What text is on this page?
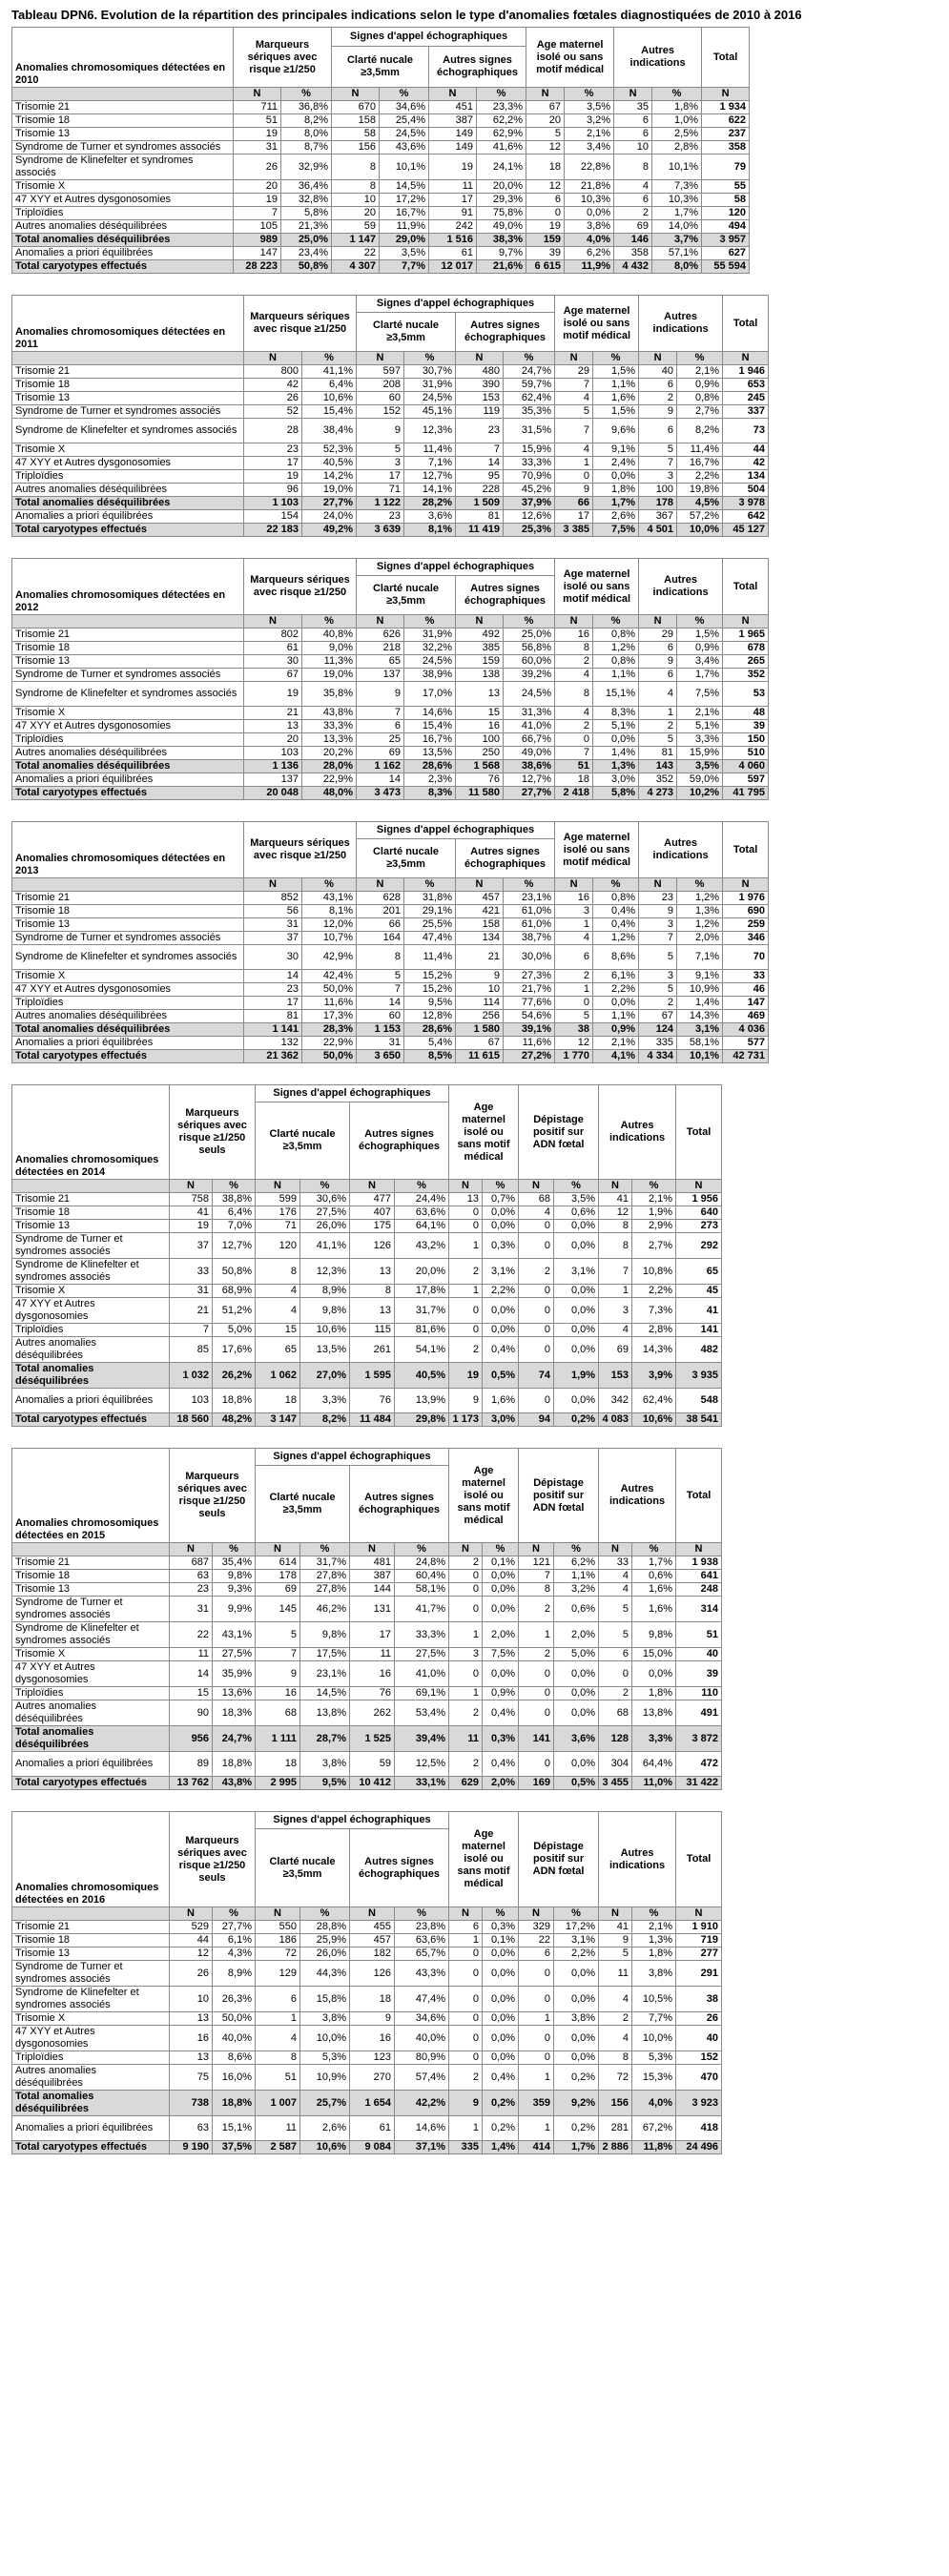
Tableau DPN6. Evolution de la répartition des principales indications selon le type d'anomalies fœtales diagnostiquées de 2010 à 2016
Anomalies chromosomiques détectées en 2010	Marqueurs sériques avec risque ≥1/250		Signes d'appel échographiques				Age maternel isolé ou sans motif médical		Autres indications		Total
			Clarté nucale ≥3,5mm		Autres signes échographiques						
	N	%	N	%	N	%	N	%	N	%	N
Trisomie 21	711	36,8%	670	34,6%	451	23,3%	67	3,5%	35	1,8%	1 934
Trisomie 18	51	8,2%	158	25,4%	387	62,2%	20	3,2%	6	1,0%	622
Trisomie 13	19	8,0%	58	24,5%	149	62,9%	5	2,1%	6	2,5%	237
Syndrome de Turner et syndromes associés	31	8,7%	156	43,6%	149	41,6%	12	3,4%	10	2,8%	358
Syndrome de Klinefelter et syndromes associés	26	32,9%	8	10,1%	19	24,1%	18	22,8%	8	10,1%	79
Trisomie X	20	36,4%	8	14,5%	11	20,0%	12	21,8%	4	7,3%	55
47 XYY et Autres dysgonosomies	19	32,8%	10	17,2%	17	29,3%	6	10,3%	6	10,3%	58
Triploïdies	7	5,8%	20	16,7%	91	75,8%	0	0,0%	2	1,7%	120
Autres anomalies déséquilibrées	105	21,3%	59	11,9%	242	49,0%	19	3,8%	69	14,0%	494
Total anomalies déséquilibrées	989	25,0%	1 147	29,0%	1 516	38,3%	159	4,0%	146	3,7%	3 957
Anomalies a priori équilibrées	147	23,4%	22	3,5%	61	9,7%	39	6,2%	358	57,1%	627
Total caryotypes effectués	28 223	50,8%	4 307	7,7%	12 017	21,6%	6 615	11,9%	4 432	8,0%	55 594
Anomalies chromosomiques détectées en 2011	Marqueurs sériques avec risque ≥1/250		Signes d'appel échographiques				Age maternel isolé ou sans motif médical		Autres indications		Total
			Clarté nucale ≥3,5mm		Autres signes échographiques						
	N	%	N	%	N	%	N	%	N	%	N
Trisomie 21	800	41,1%	597	30,7%	480	24,7%	29	1,5%	40	2,1%	1 946
Trisomie 18	42	6,4%	208	31,9%	390	59,7%	7	1,1%	6	0,9%	653
Trisomie 13	26	10,6%	60	24,5%	153	62,4%	4	1,6%	2	0,8%	245
Syndrome de Turner et syndromes associés	52	15,4%	152	45,1%	119	35,3%	5	1,5%	9	2,7%	337
Syndrome de Klinefelter et syndromes associés	28	38,4%	9	12,3%	23	31,5%	7	9,6%	6	8,2%	73
Trisomie X	23	52,3%	5	11,4%	7	15,9%	4	9,1%	5	11,4%	44
47 XYY et Autres dysgonosomies	17	40,5%	3	7,1%	14	33,3%	1	2,4%	7	16,7%	42
Triploïdies	19	14,2%	17	12,7%	95	70,9%	0	0,0%	3	2,2%	134
Autres anomalies déséquilibrées	96	19,0%	71	14,1%	228	45,2%	9	1,8%	100	19,8%	504
Total anomalies déséquilibrées	1 103	27,7%	1 122	28,2%	1 509	37,9%	66	1,7%	178	4,5%	3 978
Anomalies a priori équilibrées	154	24,0%	23	3,6%	81	12,6%	17	2,6%	367	57,2%	642
Total caryotypes effectués	22 183	49,2%	3 639	8,1%	11 419	25,3%	3 385	7,5%	4 501	10,0%	45 127
Anomalies chromosomiques détectées en 2012	Marqueurs sériques avec risque ≥1/250		Signes d'appel échographiques				Age maternel isolé ou sans motif médical		Autres indications		Total
			Clarté nucale ≥3,5mm		Autres signes échographiques						
	N	%	N	%	N	%	N	%	N	%	N
Trisomie 21	802	40,8%	626	31,9%	492	25,0%	16	0,8%	29	1,5%	1 965
Trisomie 18	61	9,0%	218	32,2%	385	56,8%	8	1,2%	6	0,9%	678
Trisomie 13	30	11,3%	65	24,5%	159	60,0%	2	0,8%	9	3,4%	265
Syndrome de Turner et syndromes associés	67	19,0%	137	38,9%	138	39,2%	4	1,1%	6	1,7%	352
Syndrome de Klinefelter et syndromes associés	19	35,8%	9	17,0%	13	24,5%	8	15,1%	4	7,5%	53
Trisomie X	21	43,8%	7	14,6%	15	31,3%	4	8,3%	1	2,1%	48
47 XYY et Autres dysgonosomies	13	33,3%	6	15,4%	16	41,0%	2	5,1%	2	5,1%	39
Triploïdies	20	13,3%	25	16,7%	100	66,7%	0	0,0%	5	3,3%	150
Autres anomalies déséquilibrées	103	20,2%	69	13,5%	250	49,0%	7	1,4%	81	15,9%	510
Total anomalies déséquilibrées	1 136	28,0%	1 162	28,6%	1 568	38,6%	51	1,3%	143	3,5%	4 060
Anomalies a priori équilibrées	137	22,9%	14	2,3%	76	12,7%	18	3,0%	352	59,0%	597
Total caryotypes effectués	20 048	48,0%	3 473	8,3%	11 580	27,7%	2 418	5,8%	4 273	10,2%	41 795
Anomalies chromosomiques détectées en 2013	Marqueurs sériques avec risque ≥1/250		Signes d'appel échographiques				Age maternel isolé ou sans motif médical		Autres indications		Total
			Clarté nucale ≥3,5mm		Autres signes échographiques						
	N	%	N	%	N	%	N	%	N	%	N
Trisomie 21	852	43,1%	628	31,8%	457	23,1%	16	0,8%	23	1,2%	1 976
Trisomie 18	56	8,1%	201	29,1%	421	61,0%	3	0,4%	9	1,3%	690
Trisomie 13	31	12,0%	66	25,5%	158	61,0%	1	0,4%	3	1,2%	259
Syndrome de Turner et syndromes associés	37	10,7%	164	47,4%	134	38,7%	4	1,2%	7	2,0%	346
Syndrome de Klinefelter et syndromes associés	30	42,9%	8	11,4%	21	30,0%	6	8,6%	5	7,1%	70
Trisomie X	14	42,4%	5	15,2%	9	27,3%	2	6,1%	3	9,1%	33
47 XYY et Autres dysgonosomies	23	50,0%	7	15,2%	10	21,7%	1	2,2%	5	10,9%	46
Triploïdies	17	11,6%	14	9,5%	114	77,6%	0	0,0%	2	1,4%	147
Autres anomalies déséquilibrées	81	17,3%	60	12,8%	256	54,6%	5	1,1%	67	14,3%	469
Total anomalies déséquilibrées	1 141	28,3%	1 153	28,6%	1 580	39,1%	38	0,9%	124	3,1%	4 036
Anomalies a priori équilibrées	132	22,9%	31	5,4%	67	11,6%	12	2,1%	335	58,1%	577
Total caryotypes effectués	21 362	50,0%	3 650	8,5%	11 615	27,2%	1 770	4,1%	4 334	10,1%	42 731
Anomalies chromosomiques détectées en 2014	Marqueurs sériques avec risque ≥1/250 seuls		Signes d'appel échographiques				Age maternel isolé ou sans motif médical		Dépistage positif sur ADN fœtal		Autres indications		Total
			Clarté nucale ≥3,5mm		Autres signes échographiques								
	N	%	N	%	N	%	N	%	N	%	N	%	N
Trisomie 21	758	38,8%	599	30,6%	477	24,4%	13	0,7%	68	3,5%	41	2,1%	1 956
Trisomie 18	41	6,4%	176	27,5%	407	63,6%	0	0,0%	4	0,6%	12	1,9%	640
Trisomie 13	19	7,0%	71	26,0%	175	64,1%	0	0,0%	0	0,0%	8	2,9%	273
Syndrome de Turner et syndromes associés	37	12,7%	120	41,1%	126	43,2%	1	0,3%	0	0,0%	8	2,7%	292
Syndrome de Klinefelter et syndromes associés	33	50,8%	8	12,3%	13	20,0%	2	3,1%	2	3,1%	7	10,8%	65
Trisomie X	31	68,9%	4	8,9%	8	17,8%	1	2,2%	0	0,0%	1	2,2%	45
47 XYY et Autres dysgonosomies	21	51,2%	4	9,8%	13	31,7%	0	0,0%	0	0,0%	3	7,3%	41
Triploïdies	7	5,0%	15	10,6%	115	81,6%	0	0,0%	0	0,0%	4	2,8%	141
Autres anomalies déséquilibrées	85	17,6%	65	13,5%	261	54,1%	2	0,4%	0	0,0%	69	14,3%	482
Total anomalies déséquilibrées	1 032	26,2%	1 062	27,0%	1 595	40,5%	19	0,5%	74	1,9%	153	3,9%	3 935
Anomalies a priori équilibrées	103	18,8%	18	3,3%	76	13,9%	9	1,6%	0	0,0%	342	62,4%	548
Total caryotypes effectués	18 560	48,2%	3 147	8,2%	11 484	29,8%	1 173	3,0%	94	0,2%	4 083	10,6%	38 541
Anomalies chromosomiques détectées en 2015	Marqueurs sériques avec risque ≥1/250 seuls		Signes d'appel échographiques				Age maternel isolé ou sans motif médical		Dépistage positif sur ADN fœtal		Autres indications		Total
			Clarté nucale ≥3,5mm		Autres signes échographiques								
	N	%	N	%	N	%	N	%	N	%	N	%	N
Trisomie 21	687	35,4%	614	31,7%	481	24,8%	2	0,1%	121	6,2%	33	1,7%	1 938
Trisomie 18	63	9,8%	178	27,8%	387	60,4%	0	0,0%	7	1,1%	4	0,6%	641
Trisomie 13	23	9,3%	69	27,8%	144	58,1%	0	0,0%	8	3,2%	4	1,6%	248
Syndrome de Turner et syndromes associés	31	9,9%	145	46,2%	131	41,7%	0	0,0%	2	0,6%	5	1,6%	314
Syndrome de Klinefelter et syndromes associés	22	43,1%	5	9,8%	17	33,3%	1	2,0%	1	2,0%	5	9,8%	51
Trisomie X	11	27,5%	7	17,5%	11	27,5%	3	7,5%	2	5,0%	6	15,0%	40
47 XYY et Autres dysgonosomies	14	35,9%	9	23,1%	16	41,0%	0	0,0%	0	0,0%	0	0,0%	39
Triploïdies	15	13,6%	16	14,5%	76	69,1%	1	0,9%	0	0,0%	2	1,8%	110
Autres anomalies déséquilibrées	90	18,3%	68	13,8%	262	53,4%	2	0,4%	0	0,0%	68	13,8%	491
Total anomalies déséquilibrées	956	24,7%	1 111	28,7%	1 525	39,4%	11	0,3%	141	3,6%	128	3,3%	3 872
Anomalies a priori équilibrées	89	18,8%	18	3,8%	59	12,5%	2	0,4%	0	0,0%	304	64,4%	472
Total caryotypes effectués	13 762	43,8%	2 995	9,5%	10 412	33,1%	629	2,0%	169	0,5%	3 455	11,0%	31 422
Anomalies chromosomiques détectées en 2016	Marqueurs sériques avec risque ≥1/250 seuls		Signes d'appel échographiques				Age maternel isolé ou sans motif médical		Dépistage positif sur ADN fœtal		Autres indications		Total
			Clarté nucale ≥3,5mm		Autres signes échographiques								
	N	%	N	%	N	%	N	%	N	%	N	%	N
Trisomie 21	529	27,7%	550	28,8%	455	23,8%	6	0,3%	329	17,2%	41	2,1%	1 910
Trisomie 18	44	6,1%	186	25,9%	457	63,6%	1	0,1%	22	3,1%	9	1,3%	719
Trisomie 13	12	4,3%	72	26,0%	182	65,7%	0	0,0%	6	2,2%	5	1,8%	277
Syndrome de Turner et syndromes associés	26	8,9%	129	44,3%	126	43,3%	0	0,0%	0	0,0%	11	3,8%	291
Syndrome de Klinefelter et syndromes associés	10	26,3%	6	15,8%	18	47,4%	0	0,0%	0	0,0%	4	10,5%	38
Trisomie X	13	50,0%	1	3,8%	9	34,6%	0	0,0%	1	3,8%	2	7,7%	26
47 XYY et Autres dysgonosomies	16	40,0%	4	10,0%	16	40,0%	0	0,0%	0	0,0%	4	10,0%	40
Triploïdies	13	8,6%	8	5,3%	123	80,9%	0	0,0%	0	0,0%	8	5,3%	152
Autres anomalies déséquilibrées	75	16,0%	51	10,9%	270	57,4%	2	0,4%	1	0,2%	72	15,3%	470
Total anomalies déséquilibrées	738	18,8%	1 007	25,7%	1 654	42,2%	9	0,2%	359	9,2%	156	4,0%	3 923
Anomalies a priori équilibrées	63	15,1%	11	2,6%	61	14,6%	1	0,2%	1	0,2%	281	67,2%	418
Total caryotypes effectués	9 190	37,5%	2 587	10,6%	9 084	37,1%	335	1,4%	414	1,7%	2 886	11,8%	24 496
